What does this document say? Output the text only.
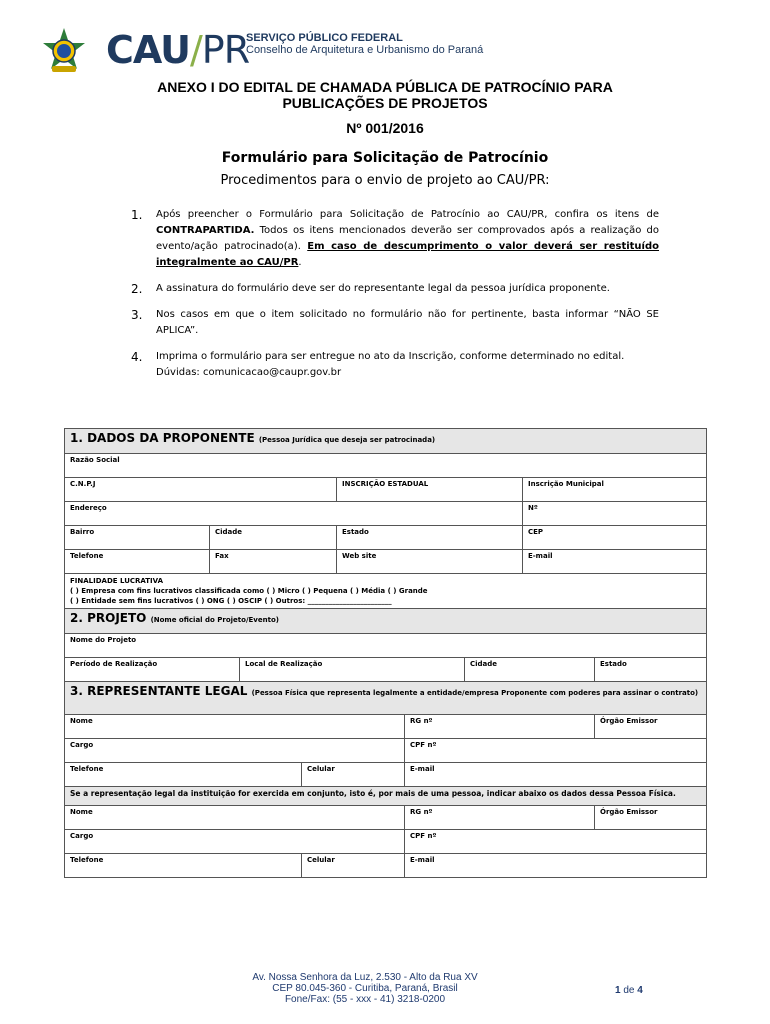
CAU/PR
SERVIÇO PÚBLICO FEDERAL
Conselho de Arquitetura e Urbanismo do Paraná
ANEXO I DO EDITAL DE CHAMADA PÚBLICA DE PATROCÍNIO PARA
PUBLICAÇÕES DE PROJETOS
Nº 001/2016
Formulário para Solicitação de Patrocínio
Procedimentos para o envio de projeto ao CAU/PR:
1. Após preencher o Formulário para Solicitação de Patrocínio ao CAU/PR, confira os itens de CONTRAPARTIDA. Todos os itens mencionados deverão ser comprovados após a realização do evento/ação patrocinado(a). Em caso de descumprimento o valor deverá ser restituído integralmente ao CAU/PR.
2. A assinatura do formulário deve ser do representante legal da pessoa jurídica proponente.
3. Nos casos em que o item solicitado no formulário não for pertinente, basta informar “NÃO SE APLICA”.
4. Imprima o formulário para ser entregue no ato da Inscrição, conforme determinado no edital.
Dúvidas: comunicacao@caupr.gov.br
1. DADOS DA PROPONENTE (Pessoa Jurídica que deseja ser patrocinada)								
Razão Social								
C.N.P.J				INSCRIÇÃO ESTADUAL			Inscrição Municipal	
Endereço							Nº	
Bairro	Cidade			Estado			CEP	
Telefone	Fax			Web site			E-mail	

FINALIDADE LUCRATIVA
( ) Empresa com fins lucrativos classificada como ( ) Micro ( ) Pequena ( ) Média ( ) Grande
( ) Entidade sem fins lucrativos ( ) ONG ( ) OSCIP ( ) Outros: ________________________								

2. PROJETO (Nome oficial do Projeto/Evento)								
Nome do Projeto								
Período de Realização		Local de Realização				Cidade		Estado
3. REPRESENTANTE LEGAL (Pessoa Física que representa legalmente a entidade/empresa Proponente com poderes para assinar o contrato)								
Nome					RG nº			Órgão Emissor
Cargo					CPF nº			
Telefone			Celular		E-mail			
Se a representação legal da instituição for exercida em conjunto, isto é, por mais de uma pessoa, indicar abaixo os dados dessa Pessoa Física.								
Nome					RG nº			Órgão Emissor
Cargo					CPF nº			
Telefone			Celular		E-mail			
Av. Nossa Senhora da Luz, 2.530 - Alto da Rua XV
CEP 80.045-360 - Curitiba, Paraná, Brasil
Fone/Fax: (55 - xxx - 41) 3218-0200
1 de 4
